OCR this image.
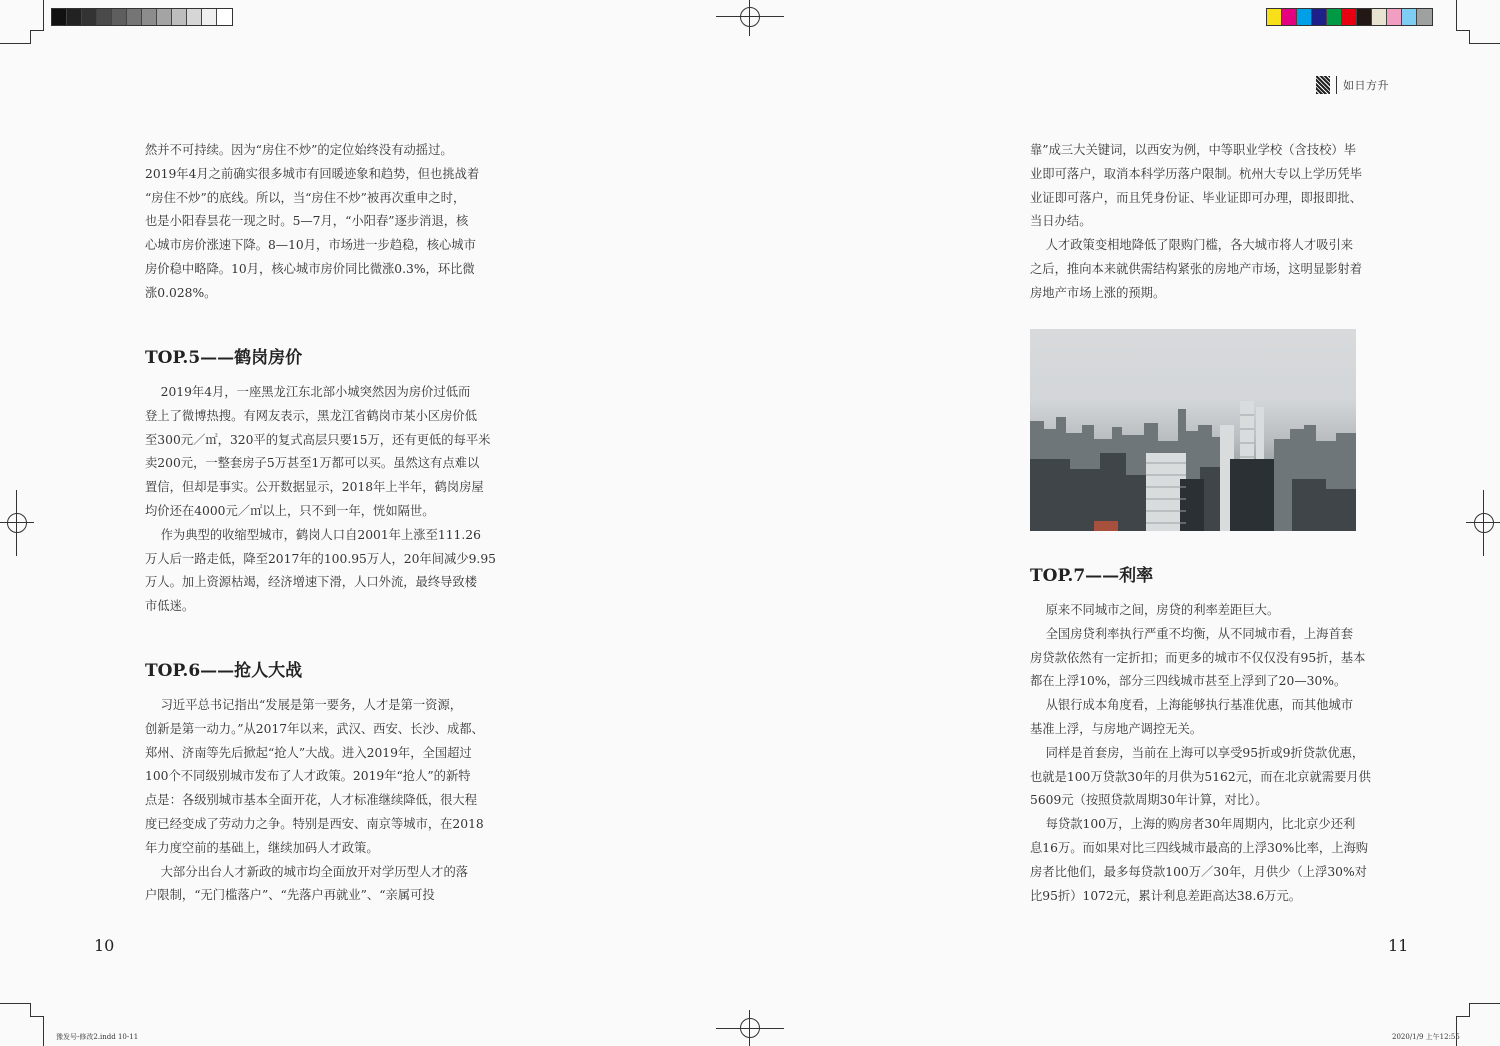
如日方升

然并不可持续。因为“房住不炒”的定位始终没有动摇过。

2019年4月之前确实很多城市有回暖迹象和趋势，但也挑战着

“房住不炒”的底线。所以，当“房住不炒”被再次重申之时，

也是小阳春昙花一现之时。5—7月，“小阳春”逐步消退，核

心城市房价涨速下降。8—10月，市场进一步趋稳，核心城市

房价稳中略降。10月，核心城市房价同比微涨0.3%，环比微

涨0.028%。

TOP.5——鹤岗房价

2019年4月，一座黑龙江东北部小城突然因为房价过低而

登上了微博热搜。有网友表示，黑龙江省鹤岗市某小区房价低

至300元／㎡，320平的复式高层只要15万，还有更低的每平米

卖200元，一整套房子5万甚至1万都可以买。虽然这有点难以

置信，但却是事实。公开数据显示，2018年上半年，鹤岗房屋

均价还在4000元／㎡以上，只不到一年，恍如隔世。

作为典型的收缩型城市，鹤岗人口自2001年上涨至111.26

万人后一路走低，降至2017年的100.95万人，20年间减少9.95

万人。加上资源枯竭，经济增速下滑，人口外流，最终导致楼

市低迷。

TOP.6——抢人大战

习近平总书记指出“发展是第一要务，人才是第一资源，

创新是第一动力。”从2017年以来，武汉、西安、长沙、成都、

郑州、济南等先后掀起“抢人”大战。进入2019年，全国超过

100个不同级别城市发布了人才政策。2019年“抢人”的新特

点是：各级别城市基本全面开花，人才标准继续降低，很大程

度已经变成了劳动力之争。特别是西安、南京等城市，在2018

年力度空前的基础上，继续加码人才政策。

大部分出台人才新政的城市均全面放开对学历型人才的落

户限制，“无门槛落户”、“先落户再就业”、“亲属可投

10
豫发号-修改2.indd 10-11

靠”成三大关键词，以西安为例，中等职业学校（含技校）毕

业即可落户，取消本科学历落户限制。杭州大专以上学历凭毕

业证即可落户，而且凭身份证、毕业证即可办理，即报即批、

当日办结。

人才政策变相地降低了限购门槛，各大城市将人才吸引来

之后，推向本来就供需结构紧张的房地产市场，这明显影射着

房地产市场上涨的预期。

TOP.7——利率

原来不同城市之间，房贷的利率差距巨大。

全国房贷利率执行严重不均衡，从不同城市看，上海首套

房贷款依然有一定折扣；而更多的城市不仅仅没有95折，基本

都在上浮10%，部分三四线城市甚至上浮到了20—30%。

从银行成本角度看，上海能够执行基准优惠，而其他城市

基准上浮，与房地产调控无关。

同样是首套房，当前在上海可以享受95折或9折贷款优惠，

也就是100万贷款30年的月供为5162元，而在北京就需要月供

5609元（按照贷款周期30年计算，对比）。

每贷款100万，上海的购房者30年周期内，比北京少还利

息16万。而如果对比三四线城市最高的上浮30%比率，上海购

房者比他们，最多每贷款100万／30年，月供少（上浮30%对

比95折）1072元，累计利息差距高达38.6万元。

11
2020/1/9 上午12:55
